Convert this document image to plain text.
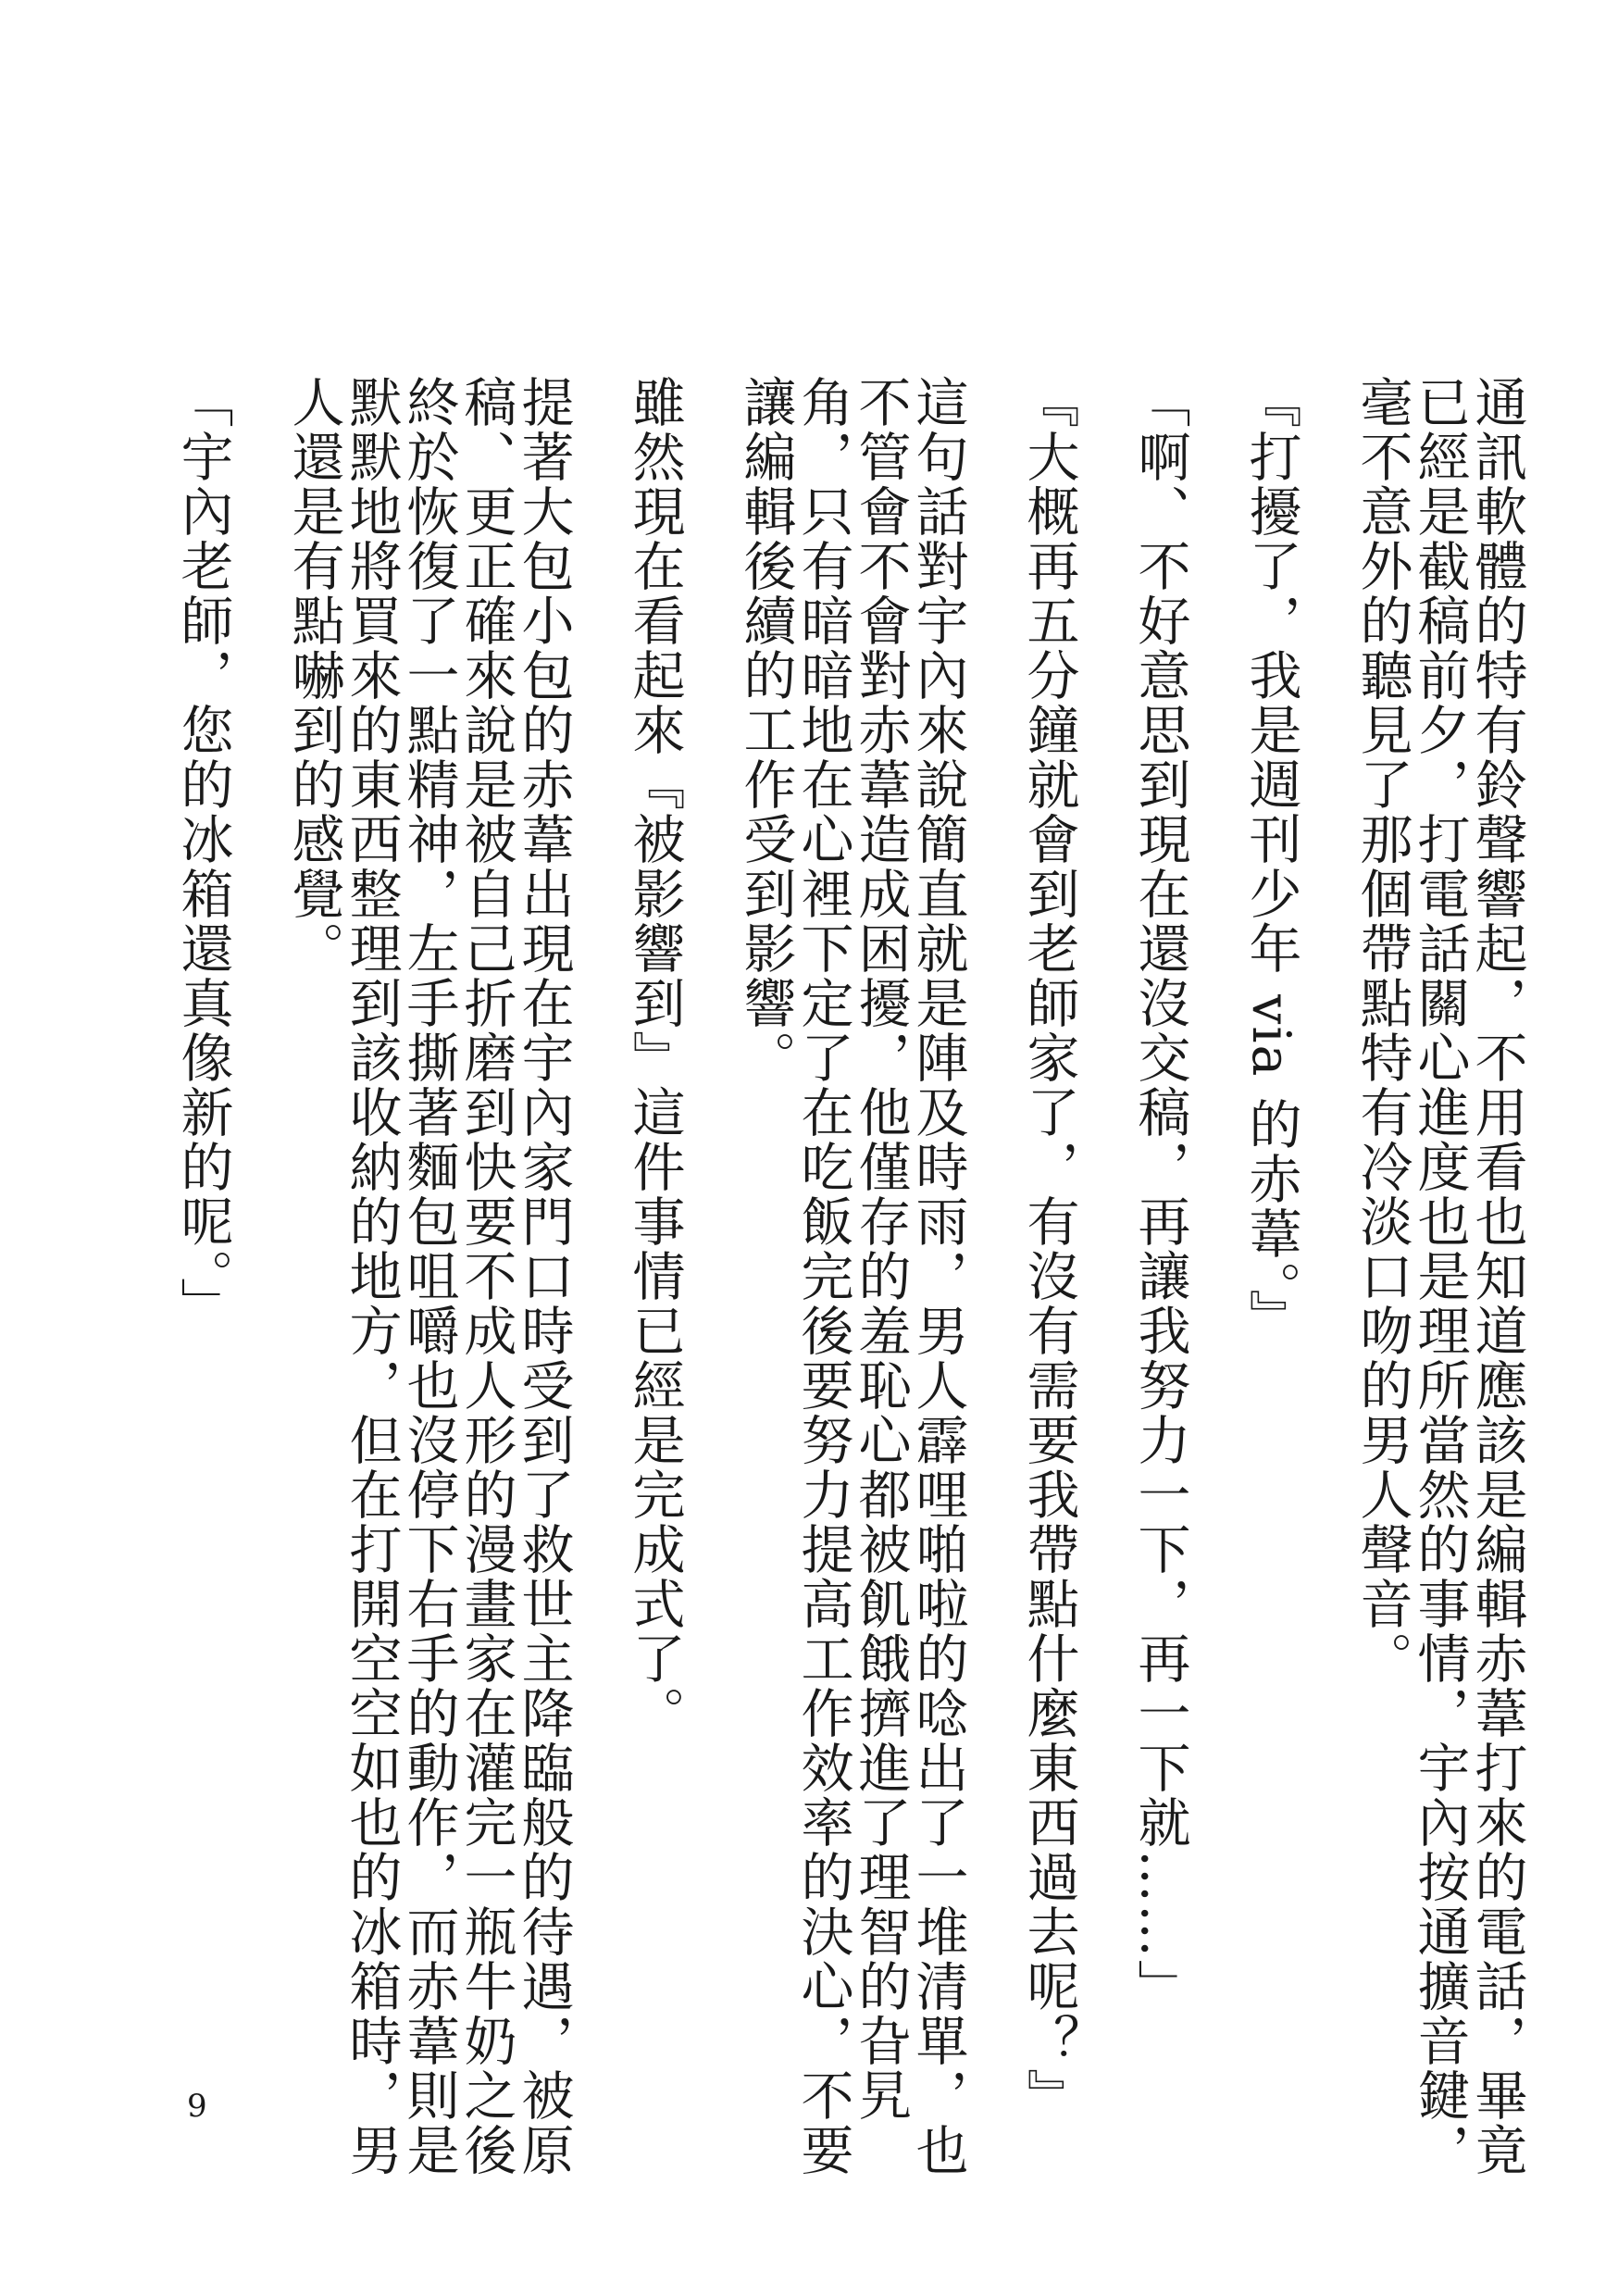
通訊軟體的特有鈴聲響起，不用看也知道應該是編輯赤葦打來的電話，畢竟
已經是截稿前夕，打電話關心進度也是理所當然的事情，宇內按通擴音鍵，
毫不意外的聽見了那個帶點特有冷淡口吻的男人聲音。

『打擾了，我是週刊少年 via 的赤葦。』

「啊、不好意思到現在還沒交稿，再讓我努力一下，再一下就……」

『大概再五分鐘就會到老師家了，有沒有需要我帶點什麼東西過去呢？』

這句話對宇內來說簡直就是陣及時雨，男人霹哩啪啦的唸出了一堆清單，也
不管會不會對赤葦造成困擾，他僅存的羞恥心都被飢餓擠進了理智的旮旯
角，只有暗暗地在心裡下定了在吃飯完後要努力提高工作效率的決心，不要
讓編輯後續的工作受到影響。

雖然現在看起來『被影響到』這件事情已經是完成式了。

提著大包小包的赤葦出現在宇內家門口時受到了救世主降臨般的待遇，被原
稿、更正確來說是被自己折磨到快要不成人形的漫畫家在灌完一瓶牛奶之後
終於恢復了一點精神，左手撕著麵包咀嚼也沒停下右手的動作，而赤葦則是
默默地將買來的東西整理到該收納的地方，但在打開空空如也的冰箱時，男
人還是有點嚇到的感覺。

「宇內老師，您的冰箱還真像新的呢。」

9
